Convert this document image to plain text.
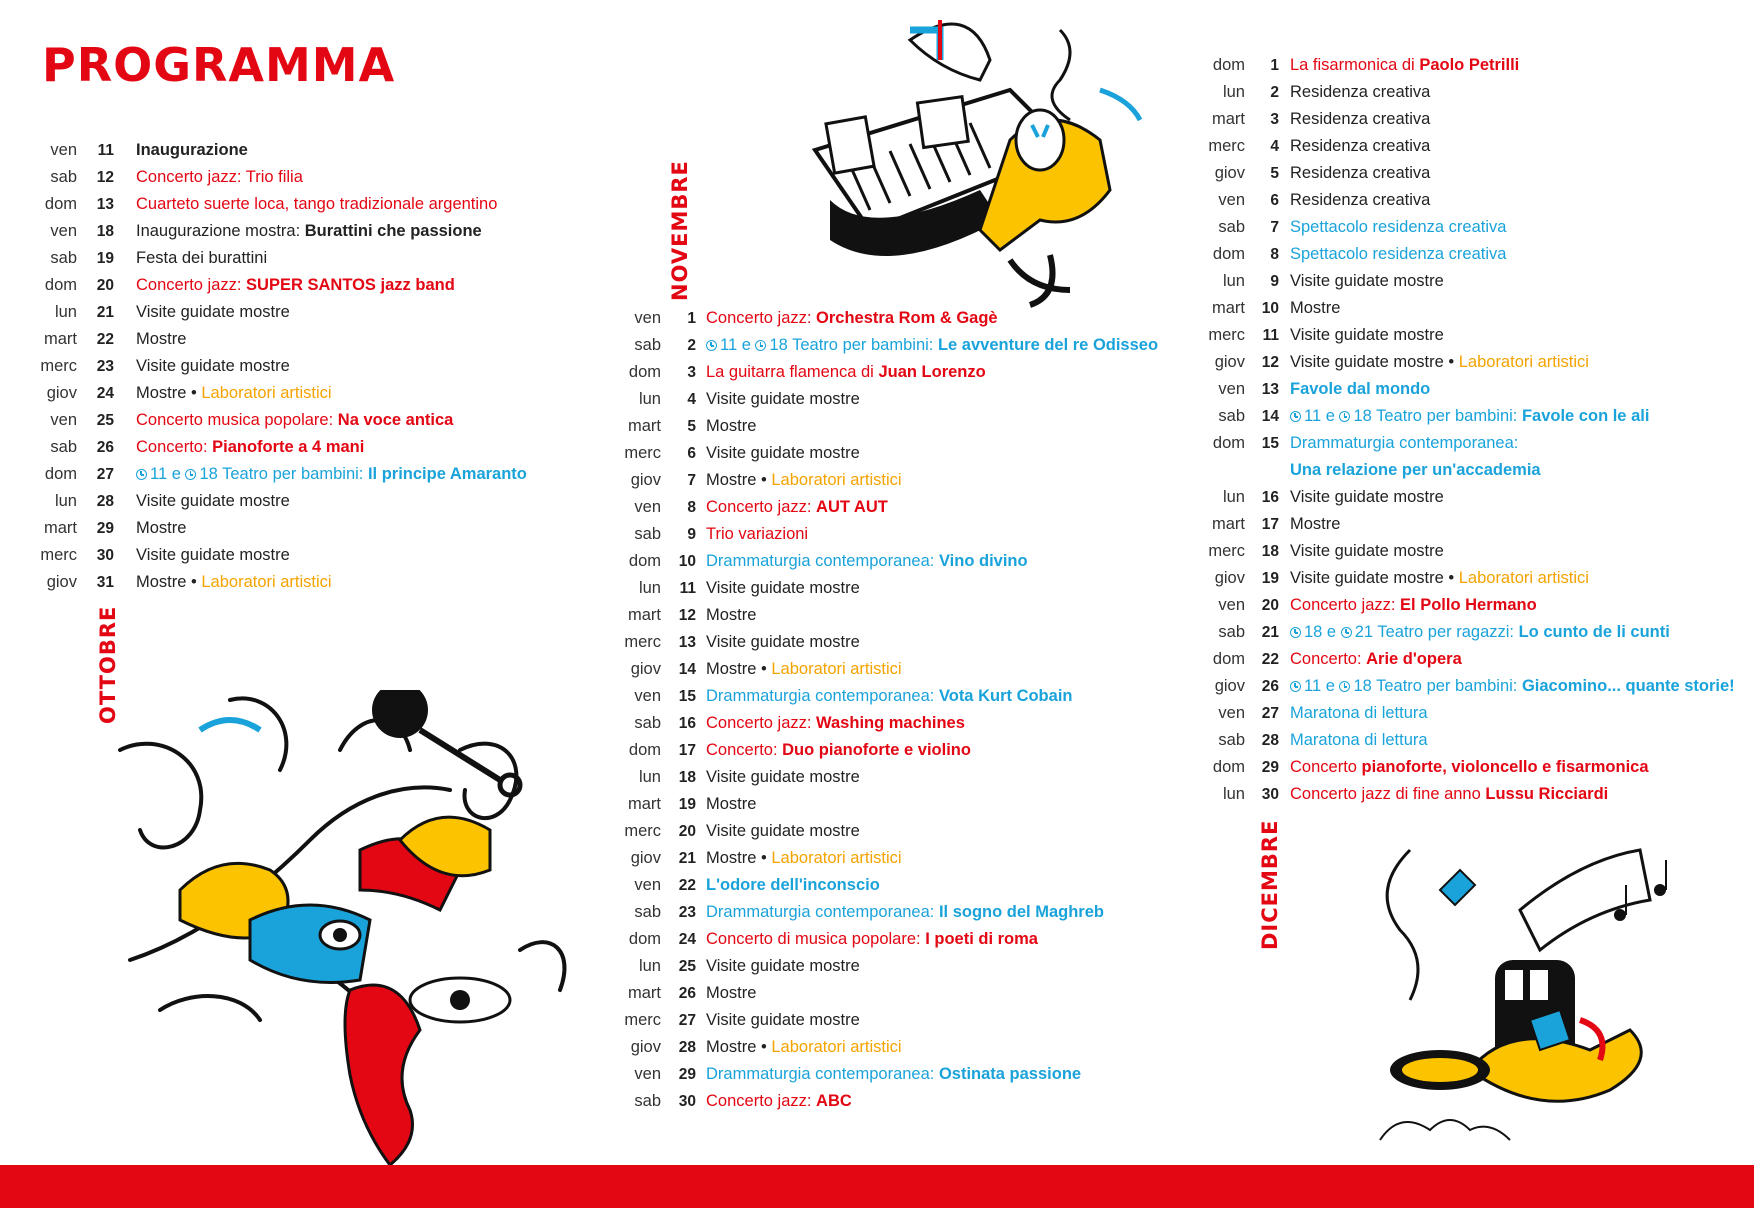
PROGRAMMA
ven	11 Inaugurazione
sab	12 Concerto jazz: Trio filia
dom	13 Cuarteto suerte loca, tango tradizionale argentino
ven	18 Inaugurazione mostra: Burattini che passione
sab	19 Festa dei burattini
dom	20 Concerto jazz: SUPER SANTOS jazz band
lun	21 Visite guidate mostre
mart	22 Mostre
merc	23 Visite guidate mostre
giov	24 Mostre • Laboratori artistici
ven	25 Concerto musica popolare: Na voce antica
sab	26 Concerto: Pianoforte a 4 mani
dom	27	11 e 18 Teatro per bambini: Il principe Amaranto
lun	28 Visite guidate mostre
mart	29 Mostre
merc	30 Visite guidate mostre
giov	31 Mostre • Laboratori artistici
OTTOBRE
ven	1 Concerto jazz: Orchestra Rom & Gagè
sab	2	11 e 18 Teatro per bambini: Le avventure del re Odisseo
dom	3 La guitarra flamenca di Juan Lorenzo
lun	4 Visite guidate mostre
mart	5 Mostre
merc	6 Visite guidate mostre
giov	7 Mostre • Laboratori artistici
ven	8 Concerto jazz: AUT AUT
sab	9 Trio variazioni
dom	10 Drammaturgia contemporanea: Vino divino
lun	11 Visite guidate mostre
mart	12 Mostre
merc	13 Visite guidate mostre
giov	14 Mostre • Laboratori artistici
ven	15 Drammaturgia contemporanea: Vota Kurt Cobain
sab	16 Concerto jazz: Washing machines
dom	17 Concerto: Duo pianoforte e violino
lun	18 Visite guidate mostre
mart	19 Mostre
merc	20 Visite guidate mostre
giov	21 Mostre • Laboratori artistici
ven	22 L'odore dell'inconscio
sab	23 Drammaturgia contemporanea: Il sogno del Maghreb
dom	24 Concerto di musica popolare: I poeti di roma
lun	25 Visite guidate mostre
mart	26 Mostre
merc	27 Visite guidate mostre
giov	28 Mostre • Laboratori artistici
ven	29 Drammaturgia contemporanea: Ostinata passione
sab	30 Concerto jazz: ABC
NOVEMBRE
dom	1 La fisarmonica di Paolo Petrilli
lun	2 Residenza creativa
mart	3 Residenza creativa
merc	4 Residenza creativa
giov	5 Residenza creativa
ven	6 Residenza creativa
sab	7 Spettacolo residenza creativa
dom	8 Spettacolo residenza creativa
lun	9 Visite guidate mostre
mart	10 Mostre
merc	11 Visite guidate mostre
giov	12 Visite guidate mostre • Laboratori artistici
ven	13 Favole dal mondo
sab	14	11 e 18 Teatro per bambini: Favole con le ali
dom	15 Drammaturgia contemporanea:
Una relazione per un'accademia
lun	16 Visite guidate mostre
mart	17 Mostre
merc	18 Visite guidate mostre
giov	19 Visite guidate mostre • Laboratori artistici
ven	20 Concerto jazz: El Pollo Hermano
sab	21	18 e 21 Teatro per ragazzi: Lo cunto de li cunti
dom	22 Concerto: Arie d'opera
giov	26	11 e 18 Teatro per bambini: Giacomino... quante storie!
ven	27 Maratona di lettura
sab	28 Maratona di lettura
dom	29 Concerto pianoforte, violoncello e fisarmonica
lun	30 Concerto jazz di fine anno Lussu Ricciardi
DICEMBRE
